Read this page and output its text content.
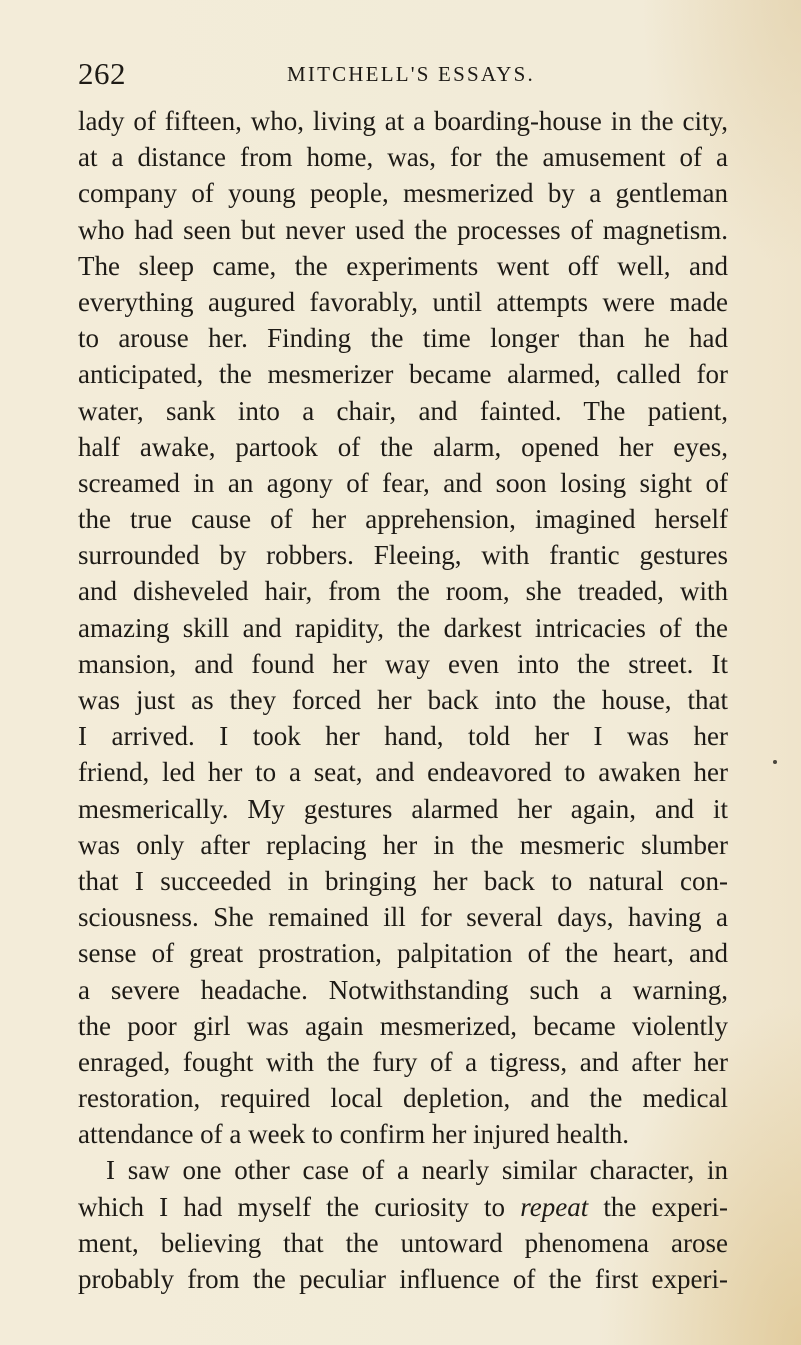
262	MITCHELL'S ESSAYS.
lady of fifteen, who, living at a boarding-house in the city,
at a distance from home, was, for the amusement of a
company of young people, mesmerized by a gentleman
who had seen but never used the processes of magnetism.
The sleep came, the experiments went off well, and
everything augured favorably, until attempts were made
to arouse her. Finding the time longer than he had
anticipated, the mesmerizer became alarmed, called for
water, sank into a chair, and fainted. The patient,
half awake, partook of the alarm, opened her eyes,
screamed in an agony of fear, and soon losing sight of
the true cause of her apprehension, imagined herself
surrounded by robbers. Fleeing, with frantic gestures
and disheveled hair, from the room, she treaded, with
amazing skill and rapidity, the darkest intricacies of the
mansion, and found her way even into the street. It
was just as they forced her back into the house, that
I arrived. I took her hand, told her I was her
friend, led her to a seat, and endeavored to awaken her
mesmerically. My gestures alarmed her again, and it
was only after replacing her in the mesmeric slumber
that I succeeded in bringing her back to natural con-
sciousness. She remained ill for several days, having a
sense of great prostration, palpitation of the heart, and
a severe headache. Notwithstanding such a warning,
the poor girl was again mesmerized, became violently
enraged, fought with the fury of a tigress, and after her
restoration, required local depletion, and the medical
attendance of a week to confirm her injured health.
I saw one other case of a nearly similar character, in
which I had myself the curiosity to repeat the experi-
ment, believing that the untoward phenomena arose
probably from the peculiar influence of the first experi-
